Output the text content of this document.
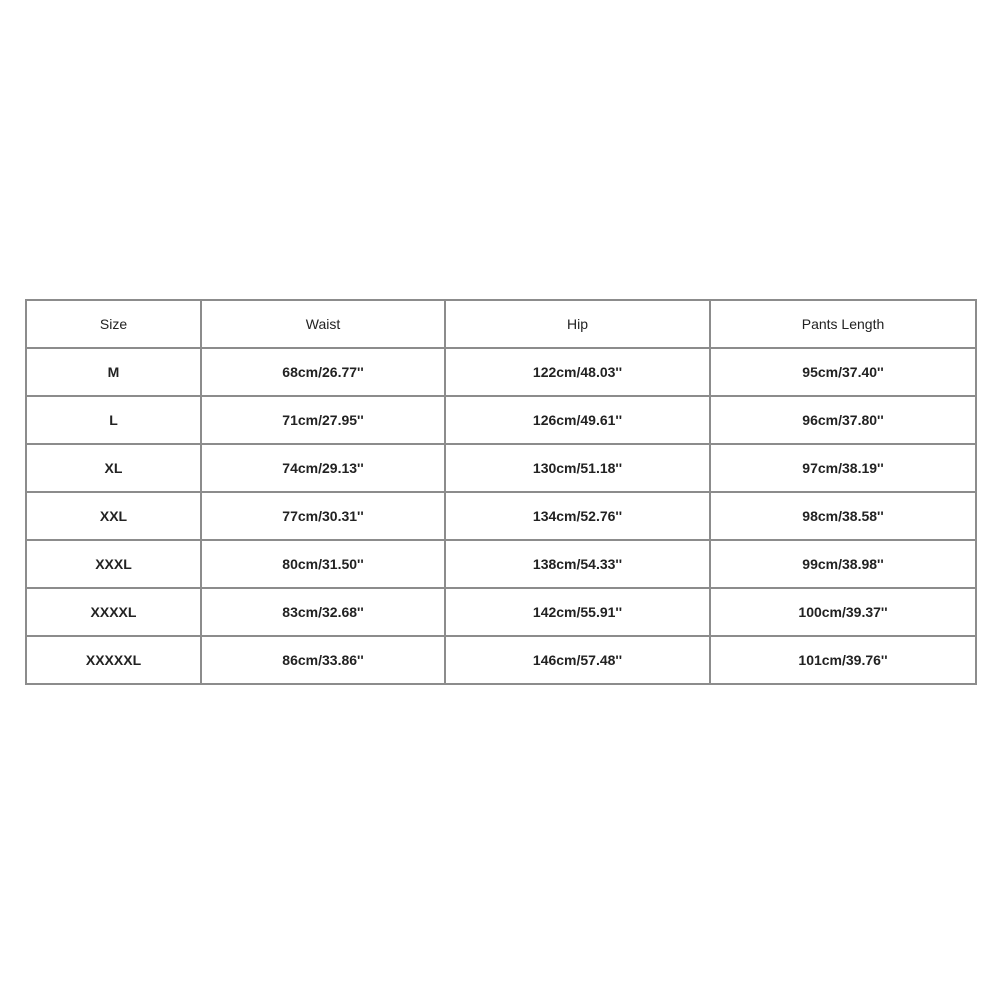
Size	Waist	Hip	Pants Length
M	68cm/26.77''	122cm/48.03''	95cm/37.40''
L	71cm/27.95''	126cm/49.61''	96cm/37.80''
XL	74cm/29.13''	130cm/51.18''	97cm/38.19''
XXL	77cm/30.31''	134cm/52.76''	98cm/38.58''
XXXL	80cm/31.50''	138cm/54.33''	99cm/38.98''
XXXXL	83cm/32.68''	142cm/55.91''	100cm/39.37''
XXXXXL	86cm/33.86''	146cm/57.48''	101cm/39.76''
